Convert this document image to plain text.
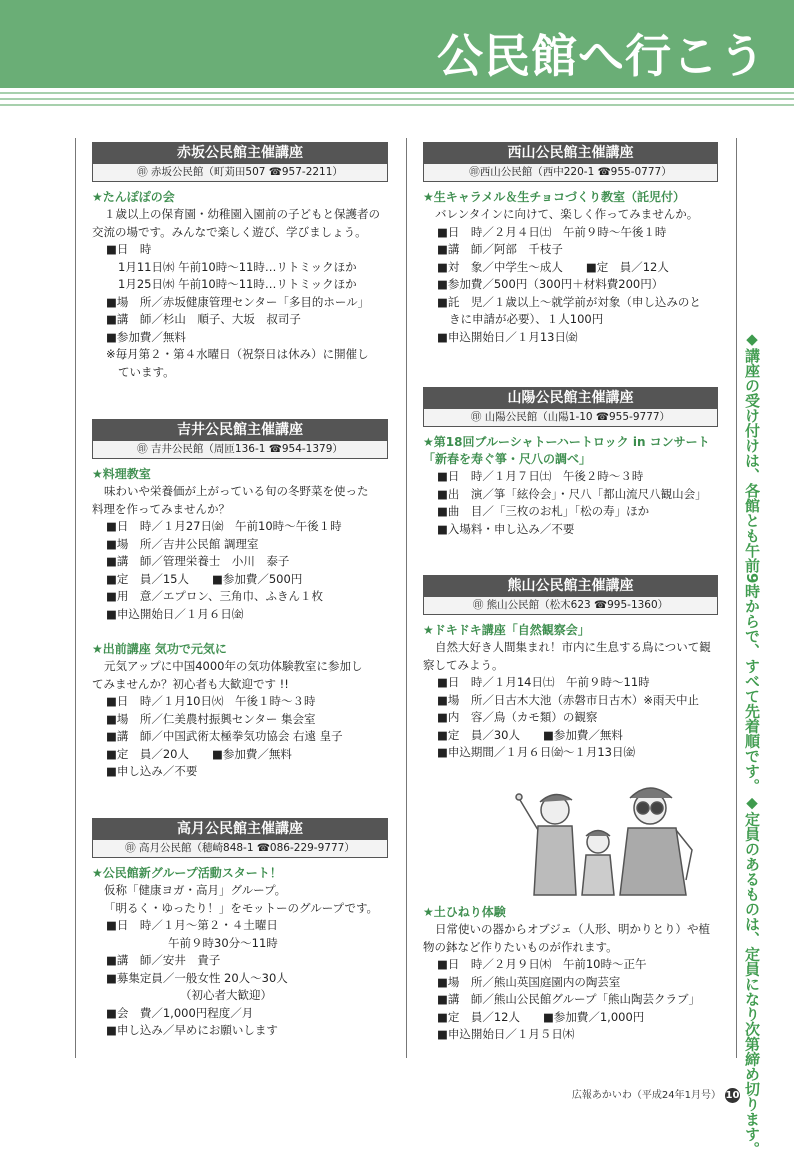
公民館へ行こう
赤坂公民館主催講座
㊞ 赤坂公民館（町苅田507 ☎957-2211）
★たんぽぽの会
１歳以上の保育園・幼稚園入園前の子どもと保護者の
交流の場です。みんなで楽しく遊び、学びましょう。
■日　時
1月11日㈬ 午前10時～11時…リトミックほか
1月25日㈬ 午前10時～11時…リトミックほか
■場　所／赤坂健康管理センター「多目的ホール」
■講　師／杉山　順子、大坂　叔司子
■参加費／無料
※毎月第２・第４水曜日（祝祭日は休み）に開催し
ています。
吉井公民館主催講座
㊞ 吉井公民館（周匝136-1 ☎954-1379）
★料理教室
味わいや栄養価が上がっている旬の冬野菜を使った
料理を作ってみませんか？
■日　時／１月27日㈮　午前10時～午後１時
■場　所／吉井公民館 調理室
■講　師／管理栄養士　小川　泰子
■定　員／15人　　■参加費／500円
■用　意／エプロン、三角巾、ふきん１枚
■申込開始日／１月６日㈮
★出前講座 気功で元気に
元気アップに中国4000年の気功体験教室に参加し
てみませんか？初心者も大歓迎です !!
■日　時／１月10日㈫　午後１時～３時
■場　所／仁美農村振興センター 集会室
■講　師／中国武術太極拳気功協会 右遠 皇子
■定　員／20人　　■参加費／無料
■申し込み／不要
高月公民館主催講座
㊞ 高月公民館（穂崎848-1 ☎086-229-9777）
★公民館新グループ活動スタート！
仮称「健康ヨガ・高月」グループ。
「明るく・ゆったり！」をモットーのグループです。
■日　時／１月～第２・４土曜日
午前９時30分～11時
■講　師／安井　貴子
■募集定員／一般女性 20人～30人
（初心者大歓迎）
■会　費／1,000円程度／月
■申し込み／早めにお願いします
西山公民館主催講座
㊞西山公民館（西中220-1 ☎955-0777）
★生キャラメル＆生チョコづくり教室（託児付）
バレンタインに向けて、楽しく作ってみませんか。
■日　時／２月４日㈯　午前９時～午後１時
■講　師／阿部　千枝子
■対　象／中学生～成人　　■定　員／12人
■参加費／500円（300円＋材料費200円）
■託　児／１歳以上～就学前が対象（申し込みのと
きに申請が必要）、１人100円
■申込開始日／１月13日㈮
山陽公民館主催講座
㊞ 山陽公民館（山陽1-10 ☎955-9777）
★第18回ブルーシャトーハートロック in コンサート
「新春を寿ぐ箏・尺八の調べ」
■日　時／１月７日㈯　午後２時～３時
■出　演／箏「絃伶会」・尺八「都山流尺八観山会」
■曲　目／「三枚のお札」「松の寿」ほか
■入場料・申し込み／不要
熊山公民館主催講座
㊞ 熊山公民館（松木623 ☎995-1360）
★ドキドキ講座「自然観察会」
自然大好き人間集まれ！市内に生息する鳥について観
察してみよう。
■日　時／１月14日㈯　午前９時～11時
■場　所／日古木大池（赤磐市日古木）※雨天中止
■内　容／鳥（カモ類）の観察
■定　員／30人　　■参加費／無料
■申込期間／１月６日㈮～１月13日㈮
★土ひねり体験
日常使いの器からオブジェ（人形、明かりとり）や植
物の鉢など作りたいものが作れます。
■日　時／２月９日㈭　午前10時～正午
■場　所／熊山英国庭園内の陶芸室
■講　師／熊山公民館グループ「熊山陶芸クラブ」
■定　員／12人　　■参加費／1,000円
■申込開始日／１月５日㈭	◆講座の受け付けは、各館とも午前9時からで、すべて先着順です。◆定員のあるものは、定員になり次第締め切ります。
広報あかいわ（平成24年1月号） 10
